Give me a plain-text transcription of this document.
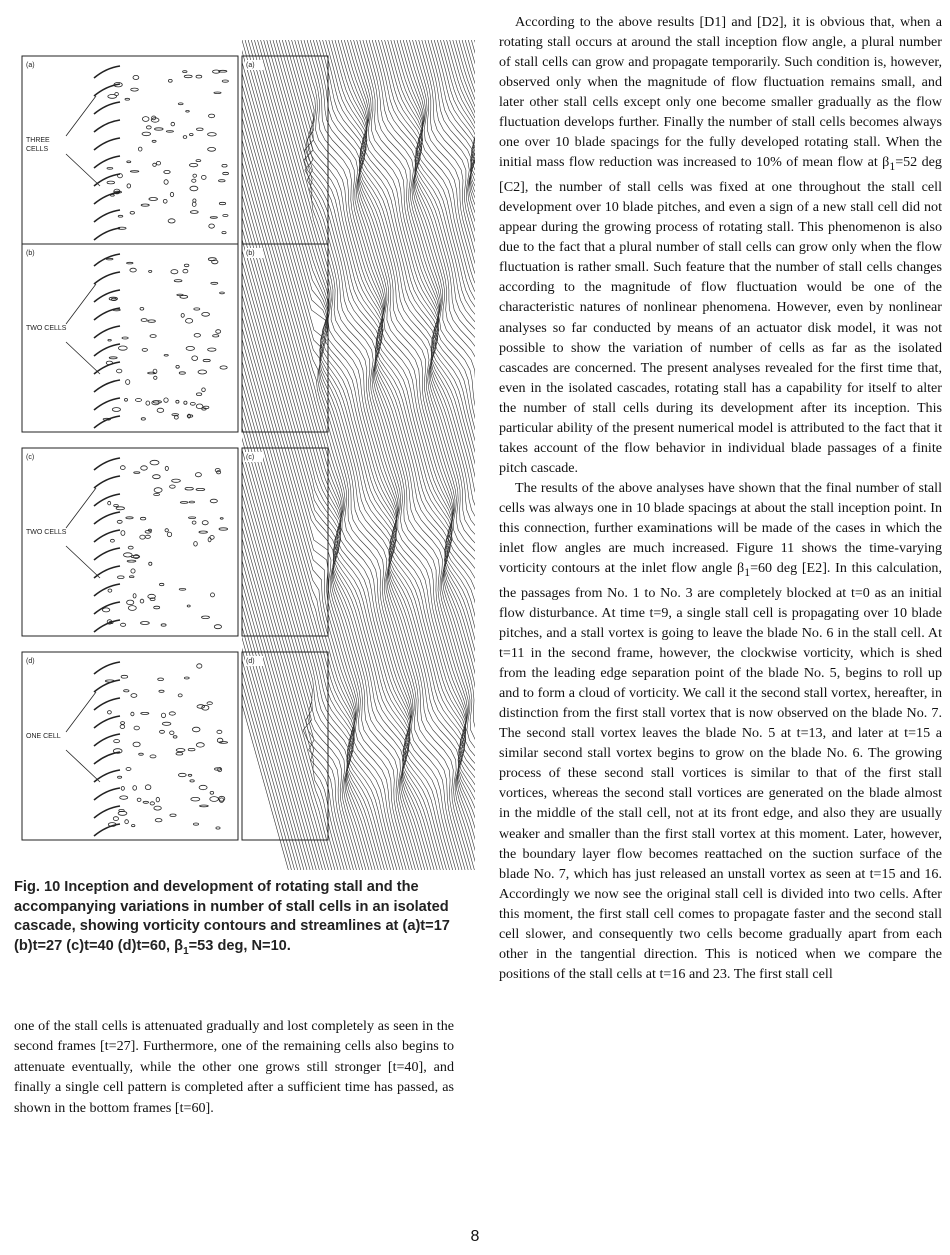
(a)	(a)
THREE
CELLS
(b)	(b)
TWO CELLS
(c)	(c)
TWO CELLS
(d)	(d)
ONE CELL

Fig. 10 Inception and development of rotating stall and the accompanying variations in number of stall cells in an isolated cascade, showing vorticity contours and streamlines at (a)t=17 (b)t=27 (c)t=40 (d)t=60, $\beta_1=53$ deg, N=10.

one of the stall cells is attenuated gradually and lost completely as seen in the second frames [t=27]. Furthermore, one of the remaining cells also begins to attenuate eventually, while the other one grows still stronger [t=40], and finally a single cell pattern is completed after a sufficient time has passed, as shown in the bottom frames [t=60].

According to the above results [D1] and [D2], it is obvious that, when a rotating stall occurs at around the stall inception flow angle, a plural number of stall cells can grow and propagate temporarily. Such condition is, however, observed only when the magnitude of flow fluctuation remains small, and later other stall cells except only one become smaller gradually as the flow fluctuation develops further. Finally the number of stall cells becomes always one over 10 blade spacings for the fully developed rotating stall. When the initial mass flow reduction was increased to 10% of mean flow at $\beta_1=52$ deg [C2], the number of stall cells was fixed at one throughout the stall cell development over 10 blade pitches, and even a sign of a new stall cell did not appear during the growing process of rotating stall. This phenomenon is also due to the fact that a plural number of stall cells can grow only when the flow fluctuation is rather small. Such feature that the number of stall cells changes according to the magnitude of flow fluctuation would be one of the characteristic natures of nonlinear phenomena. However, even by nonlinear analyses so far conducted by means of an actuator disk model, it was not possible to show the variation of number of cells as far as the isolated cascades are concerned. The present analyses revealed for the first time that, even in the isolated cascades, rotating stall has a capability for itself to alter the number of stall cells during its development after its inception. This particular ability of the present numerical model is attributed to the fact that it takes account of the flow behavior in individual blade passages of a finite pitch cascade.

The results of the above analyses have shown that the final number of stall cells was always one in 10 blade spacings at about the stall inception point. In this connection, further examinations will be made of the cases in which the inlet flow angles are much increased. Figure 11 shows the time-varying vorticity contours at the inlet flow angle $\beta_1=60$ deg [E2]. In this calculation, the passages from No. 1 to No. 3 are completely blocked at t=0 as an initial flow disturbance. At time t=9, a single stall cell is propagating over 10 blade pitches, and a stall vortex is going to leave the blade No. 6 in the stall cell. At t=11 in the second frame, however, the clockwise vorticity, which is shed from the leading edge separation point of the blade No. 5, begins to roll up and to form a cloud of vorticity. We call it the second stall vortex, hereafter, in distinction from the first stall vortex that is now observed on the blade No. 7. The second stall vortex leaves the blade No. 5 at t=13, and later at t=15 a similar second stall vortex begins to grow on the blade No. 6. The growing process of these second stall vortices is similar to that of the first stall vortices, whereas the second stall vortices are generated on the blade almost in the middle of the stall cell, not at its front edge, and also they are usually weaker and smaller than the first stall vortex at this moment. Later, however, the boundary layer flow becomes reattached on the suction surface of the blade No. 7, which has just released an unstall vortex as seen at t=15 and 16. Accordingly we now see the original stall cell is divided into two cells. After this moment, the first stall cell comes to propagate faster and the second stall cell slower, and consequently two cells become gradually apart from each other in the tangential direction. This is noticed when we compare the positions of the stall cells at t=16 and 23. The first stall cell

8
